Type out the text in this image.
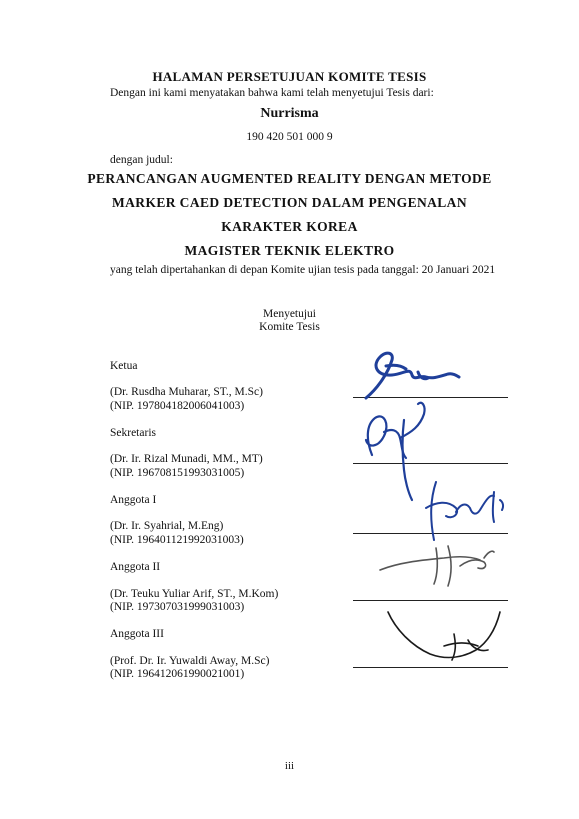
HALAMAN PERSETUJUAN KOMITE TESIS
Dengan ini kami menyatakan bahwa kami telah menyetujui Tesis dari:
Nurrisma
190 420 501 000 9
dengan judul:
PERANCANGAN AUGMENTED REALITY DENGAN METODE
MARKER CAED DETECTION DALAM PENGENALAN
KARAKTER KOREA
MAGISTER TEKNIK ELEKTRO
yang telah dipertahankan di depan Komite ujian tesis pada tanggal: 20 Januari 2021
Menyetujui
Komite Tesis
Ketua
(Dr. Rusdha Muharar, ST., M.Sc)
(NIP. 197804182006041003)
Sekretaris
(Dr. Ir. Rizal Munadi, MM., MT)
(NIP. 196708151993031005)
Anggota I
(Dr. Ir. Syahrial, M.Eng)
(NIP. 196401121992031003)
Anggota II
(Dr. Teuku Yuliar Arif, ST., M.Kom)
(NIP. 197307031999031003)
Anggota III
(Prof. Dr. Ir. Yuwaldi Away, M.Sc)
(NIP. 196412061990021001)
iii
